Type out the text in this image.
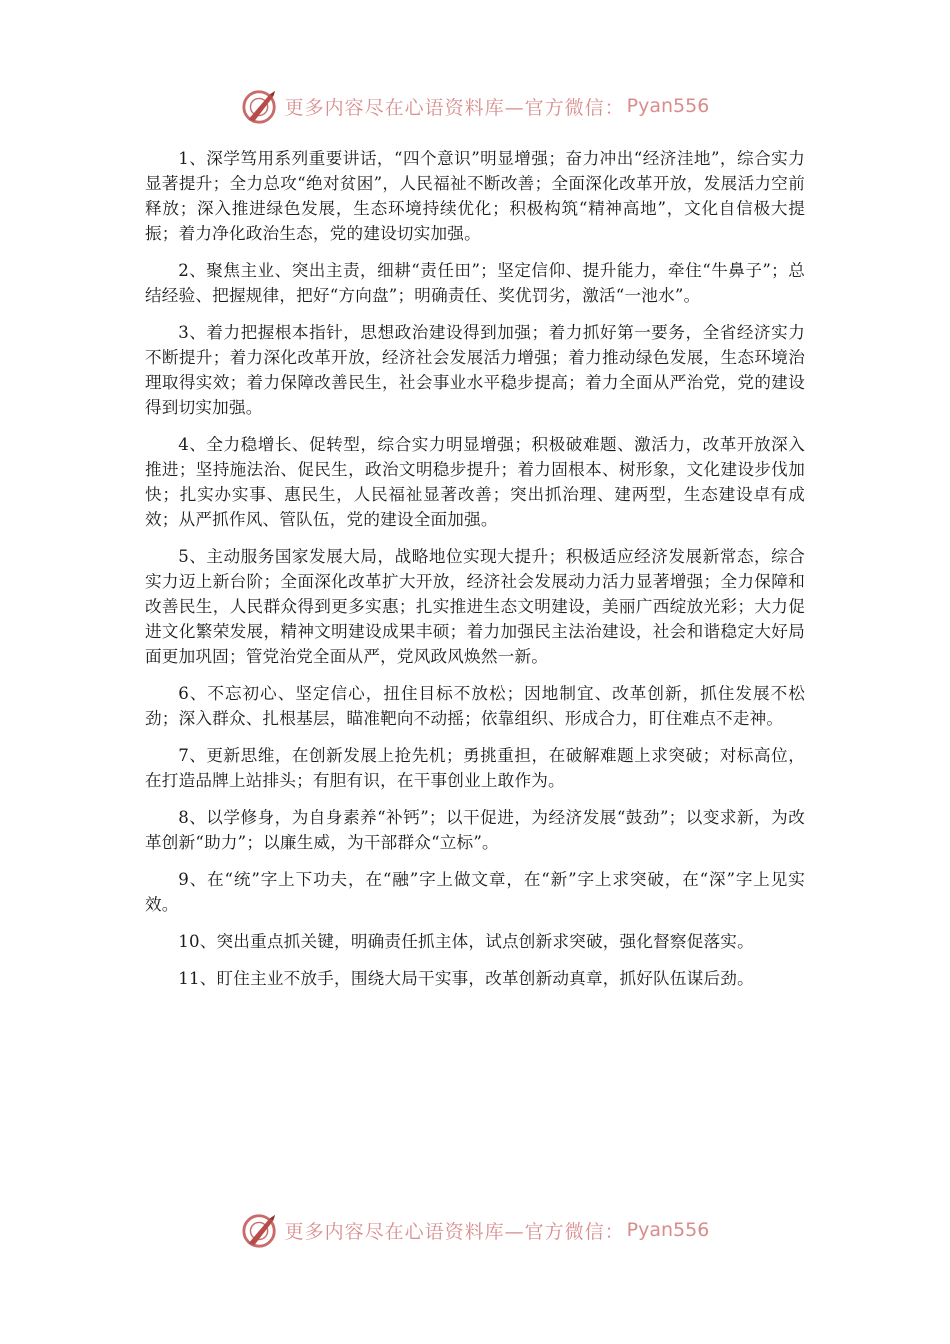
更多内容尽在心语资料库—官方微信： Pyan556

1、深学笃用系列重要讲话，“四个意识”明显增强；奋力冲出“经济洼地”，综合实力显著提升；全力总攻“绝对贫困”，人民福祉不断改善；全面深化改革开放，发展活力空前释放；深入推进绿色发展，生态环境持续优化；积极构筑“精神高地”，文化自信极大提振；着力净化政治生态，党的建设切实加强。

2、聚焦主业、突出主责，细耕“责任田”；坚定信仰、提升能力，牵住“牛鼻子”；总结经验、把握规律，把好“方向盘”；明确责任、奖优罚劣，激活“一池水”。

3、着力把握根本指针，思想政治建设得到加强；着力抓好第一要务，全省经济实力不断提升；着力深化改革开放，经济社会发展活力增强；着力推动绿色发展，生态环境治理取得实效；着力保障改善民生，社会事业水平稳步提高；着力全面从严治党，党的建设得到切实加强。

4、全力稳增长、促转型，综合实力明显增强；积极破难题、激活力，改革开放深入推进；坚持施法治、促民生，政治文明稳步提升；着力固根本、树形象，文化建设步伐加快；扎实办实事、惠民生，人民福祉显著改善；突出抓治理、建两型，生态建设卓有成效；从严抓作风、管队伍，党的建设全面加强。

5、主动服务国家发展大局，战略地位实现大提升；积极适应经济发展新常态，综合实力迈上新台阶；全面深化改革扩大开放，经济社会发展动力活力显著增强；全力保障和改善民生，人民群众得到更多实惠；扎实推进生态文明建设，美丽广西绽放光彩；大力促进文化繁荣发展，精神文明建设成果丰硕；着力加强民主法治建设，社会和谐稳定大好局面更加巩固；管党治党全面从严，党风政风焕然一新。

6、不忘初心、坚定信心，扭住目标不放松；因地制宜、改革创新，抓住发展不松劲；深入群众、扎根基层，瞄准靶向不动摇；依靠组织、形成合力，盯住难点不走神。

7、更新思维，在创新发展上抢先机；勇挑重担，在破解难题上求突破；对标高位，在打造品牌上站排头；有胆有识，在干事创业上敢作为。

8、以学修身，为自身素养“补钙”；以干促进，为经济发展“鼓劲”；以变求新，为改革创新“助力”；以廉生威，为干部群众“立标”。

9、在“统”字上下功夫，在“融”字上做文章，在“新”字上求突破，在“深”字上见实效。

10、突出重点抓关键，明确责任抓主体，试点创新求突破，强化督察促落实。

11、盯住主业不放手，围绕大局干实事，改革创新动真章，抓好队伍谋后劲。

更多内容尽在心语资料库—官方微信： Pyan556
